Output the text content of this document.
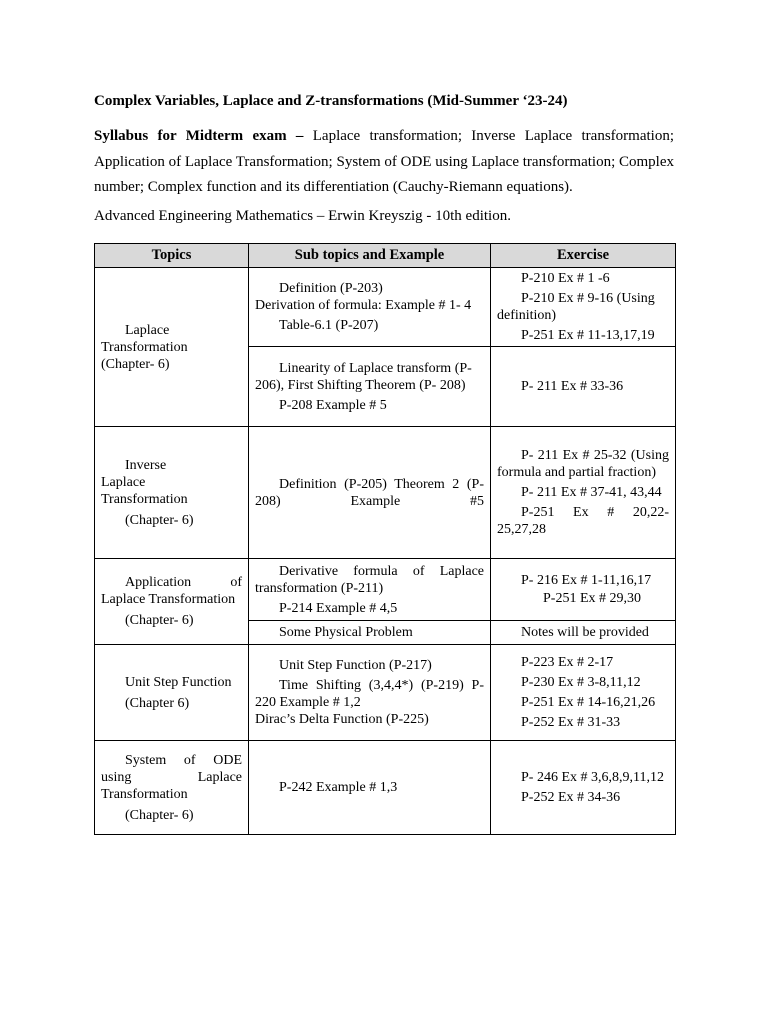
Complex Variables, Laplace and Z-transformations (Mid-Summer ‘23-24)
Syllabus for Midterm exam – Laplace transformation; Inverse Laplace transformation; Application of Laplace Transformation; System of ODE using Laplace transformation; Complex number; Complex function and its differentiation (Cauchy-Riemann equations).
Advanced Engineering Mathematics – Erwin Kreyszig - 10th edition.
Topics	Sub topics and Example	Exercise

Laplace
Transformation
(Chapter- 6)	Definition (P-203)
Derivation of formula: Example # 1- 4
Table-6.1 (P-207)	P-210 Ex # 1 -6
P-210 Ex # 9-16 (Using definition)
P-251 Ex # 11-13,17,19

	Linearity of Laplace transform (P-206), First Shifting Theorem (P- 208)
P-208 Example # 5	P- 211 Ex # 33-36

Inverse
Laplace
Transformation
(Chapter- 6)	Definition (P-205) Theorem 2 (P-208) Example #5	P- 211 Ex # 25-32 (Using formula and partial fraction)
P- 211 Ex # 37-41, 43,44
P-251 Ex # 20,22-25,27,28

Application of Laplace Transformation
(Chapter- 6)	Derivative formula of Laplace transformation (P-211)
P-214 Example # 4,5	P- 216 Ex # 1-11,16,17
P-251 Ex # 29,30

	Some Physical Problem	Notes will be provided

Unit Step Function
(Chapter 6)	Unit Step Function (P-217)
Time Shifting (3,4,4*) (P-219) P-220 Example # 1,2
Dirac’s Delta Function (P-225)	P-223 Ex # 2-17
P-230 Ex # 3-8,11,12
P-251 Ex # 14-16,21,26
P-252 Ex # 31-33

System of ODE using Laplace Transformation
(Chapter- 6)	P-242 Example # 1,3	P- 246 Ex # 3,6,8,9,11,12
P-252 Ex # 34-36
